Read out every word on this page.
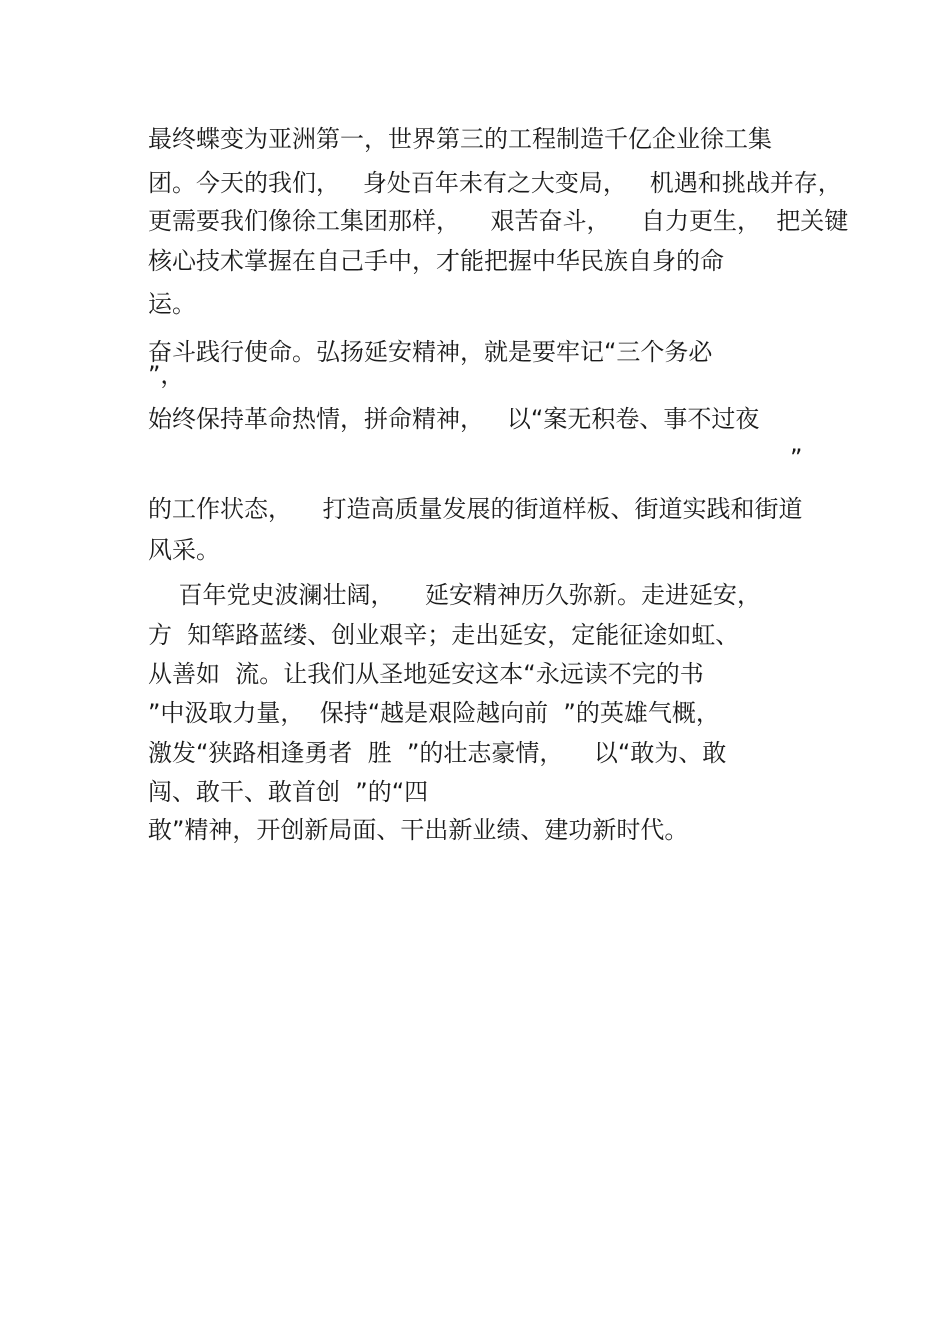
最终蝶变为亚洲第一，世界第三的工程制造千亿企业徐工集
团。今天的我们，   身处百年未有之大变局，   机遇和挑战并存，
更需要我们像徐工集团那样，    艰苦奋斗，    自力更生，  把关键
核心技术掌握在自己手中，才能把握中华民族自身的命
运。
奋斗践行使命。弘扬延安精神，就是要牢记“三个务必
”，
始终保持革命热情，拼命精神，   以“案无积卷、事不过夜
”
的工作状态，    打造高质量发展的街道样板、街道实践和街道
风采。
百年党史波澜壮阔，    延安精神历久弥新。走进延安，
方  知筚路蓝缕、创业艰辛；走出延安，定能征途如虹、
从善如  流。让我们从圣地延安这本“永远读不完的书
”中汲取力量，  保持“越是艰险越向前  ”的英雄气概，
激发“狭路相逢勇者  胜  ”的壮志豪情，    以“敢为、敢
闯、敢干、敢首创  ”的“四
敢”精神，开创新局面、干出新业绩、建功新时代。
